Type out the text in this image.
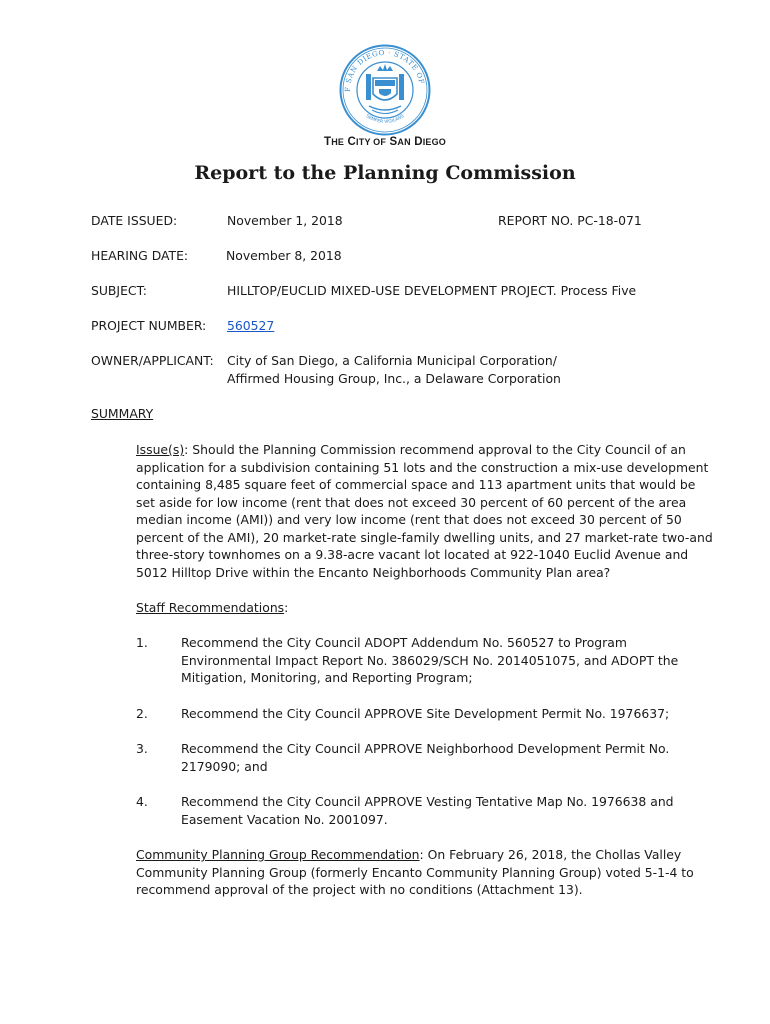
F SAN DIEGO · STATE OF
SEMPER VIGILANS
THE CITY OF SAN DIEGO
Report to the Planning Commission
DATE ISSUED:	November 1, 2018	REPORT NO. PC-18-071
HEARING DATE:	November 8, 2018
SUBJECT:	HILLTOP/EUCLID MIXED-USE DEVELOPMENT PROJECT. Process Five
PROJECT NUMBER: 560527
OWNER/APPLICANT: City of San Diego, a California Municipal Corporation/
Affirmed Housing Group, Inc., a Delaware Corporation
SUMMARY
Issue(s): Should the Planning Commission recommend approval to the City Council of an
application for a subdivision containing 51 lots and the construction a mix-use development
containing 8,485 square feet of commercial space and 113 apartment units that would be
set aside for low income (rent that does not exceed 30 percent of 60 percent of the area
median income (AMI)) and very low income (rent that does not exceed 30 percent of 50
percent of the AMI), 20 market-rate single-family dwelling units, and 27 market-rate two-and
three-story townhomes on a 9.38-acre vacant lot located at 922-1040 Euclid Avenue and
5012 Hilltop Drive within the Encanto Neighborhoods Community Plan area?
Staff Recommendations:
1.	Recommend the City Council ADOPT Addendum No. 560527 to Program
Environmental Impact Report No. 386029/SCH No. 2014051075, and ADOPT the
Mitigation, Monitoring, and Reporting Program;
2.	Recommend the City Council APPROVE Site Development Permit No. 1976637;
3.	Recommend the City Council APPROVE Neighborhood Development Permit No.
2179090; and
4.	Recommend the City Council APPROVE Vesting Tentative Map No. 1976638 and
Easement Vacation No. 2001097.
Community Planning Group Recommendation: On February 26, 2018, the Chollas Valley
Community Planning Group (formerly Encanto Community Planning Group) voted 5-1-4 to
recommend approval of the project with no conditions (Attachment 13).
